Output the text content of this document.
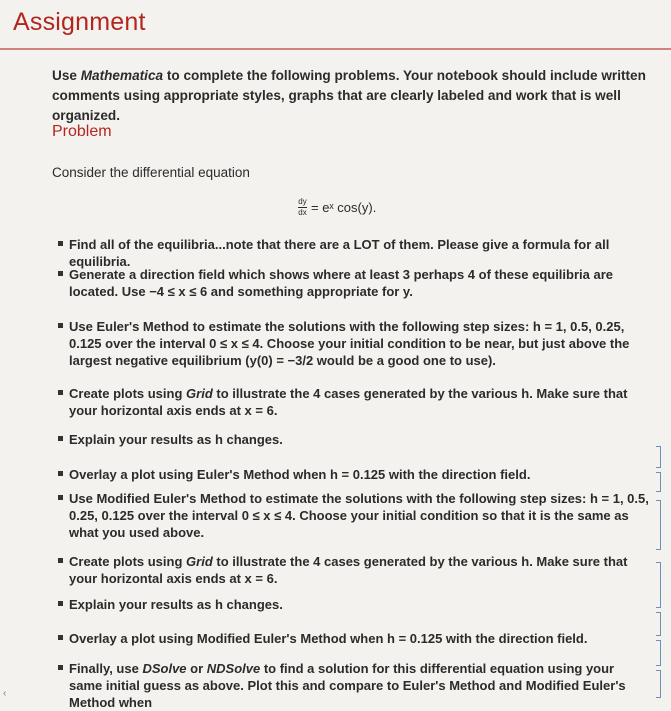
Assignment
Use Mathematica to complete the following problems. Your notebook should include written comments using appropriate styles, graphs that are clearly labeled and work that is well organized.
Problem
Consider the differential equation
$\frac{dy}{dx}$ = eˣ cos(y).
Find all of the equilibria...note that there are a LOT of them. Please give a formula for all equilibria.
Generate a direction field which shows where at least 3 perhaps 4 of these equilibria are located. Use −4 ≤ x ≤ 6 and something appropriate for y.
Use Euler's Method to estimate the solutions with the following step sizes: h = 1, 0.5, 0.25, 0.125 over the interval 0 ≤ x ≤ 4. Choose your initial condition to be near, but just above the largest negative equilibrium (y(0) = −3/2 would be a good one to use).
Create plots using Grid to illustrate the 4 cases generated by the various h. Make sure that your horizontal axis ends at x = 6.
Explain your results as h changes.
Overlay a plot using Euler's Method when h = 0.125 with the direction field.
Use Modified Euler's Method to estimate the solutions with the following step sizes: h = 1, 0.5, 0.25, 0.125 over the interval 0 ≤ x ≤ 4. Choose your initial condition so that it is the same as what you used above.
Create plots using Grid to illustrate the 4 cases generated by the various h. Make sure that your horizontal axis ends at x = 6.
Explain your results as h changes.
Overlay a plot using Modified Euler's Method when h = 0.125 with the direction field.
Finally, use DSolve or NDSolve to find a solution for this differential equation using your same initial guess as above. Plot this and compare to Euler's Method and Modified Euler's Method when
‹
